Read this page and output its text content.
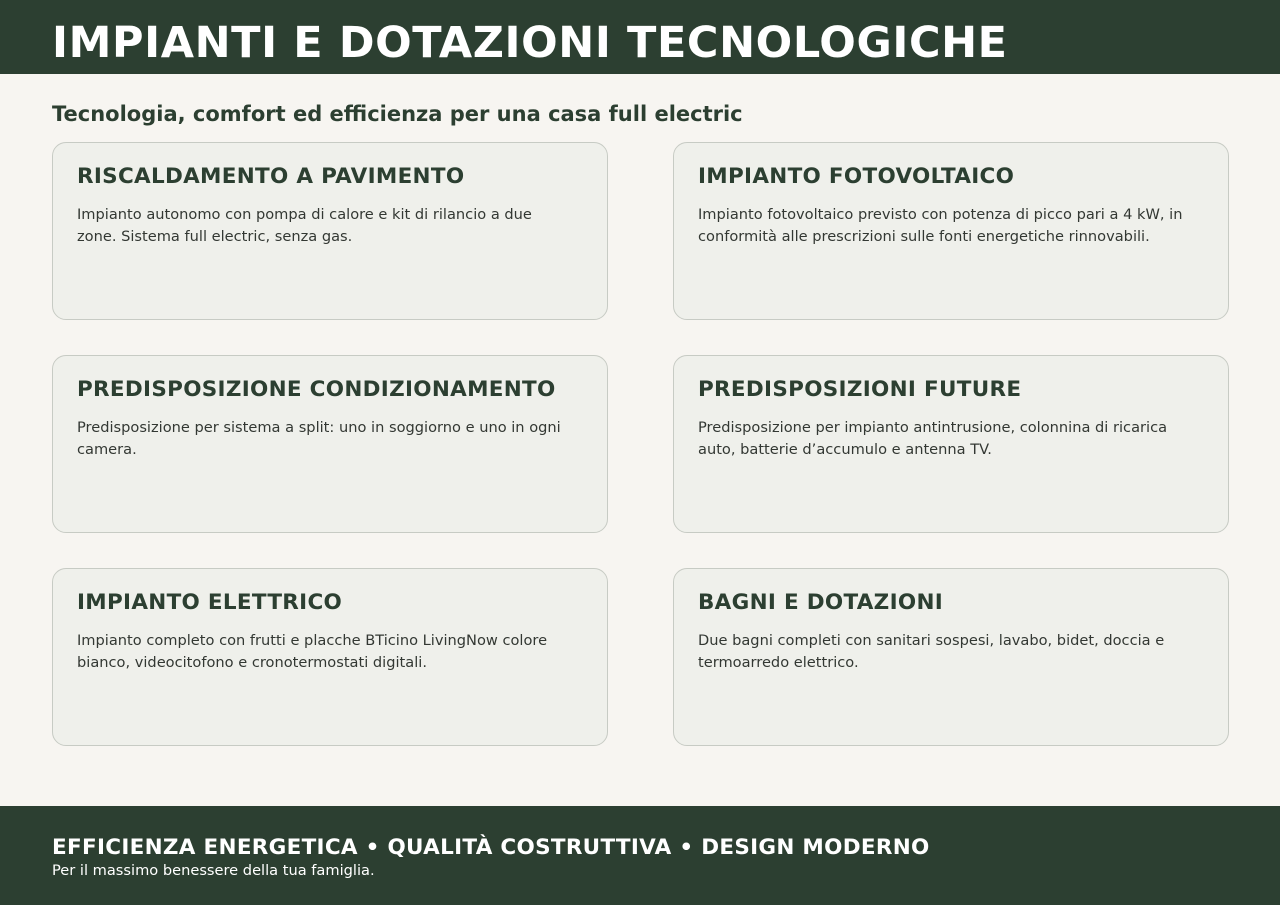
IMPIANTI E DOTAZIONI TECNOLOGICHE
Tecnologia, comfort ed efficienza per una casa full electric
RISCALDAMENTO A PAVIMENTO

Impianto autonomo con pompa di calore e kit di rilancio a due zone. Sistema full electric, senza gas.

IMPIANTO FOTOVOLTAICO

Impianto fotovoltaico previsto con potenza di picco pari a 4 kW, in conformità alle prescrizioni sulle fonti energetiche rinnovabili.

PREDISPOSIZIONE CONDIZIONAMENTO

Predisposizione per sistema a split: uno in soggiorno e uno in ogni camera.

PREDISPOSIZIONI FUTURE

Predisposizione per impianto antintrusione, colonnina di ricarica auto, batterie d’accumulo e antenna TV.

IMPIANTO ELETTRICO

Impianto completo con frutti e placche BTicino LivingNow colore bianco, videocitofono e cronotermostati digitali.

BAGNI E DOTAZIONI

Due bagni completi con sanitari sospesi, lavabo, bidet, doccia e termoarredo elettrico.

EFFICIENZA ENERGETICA • QUALITÀ COSTRUTTIVA • DESIGN MODERNO
Per il massimo benessere della tua famiglia.
